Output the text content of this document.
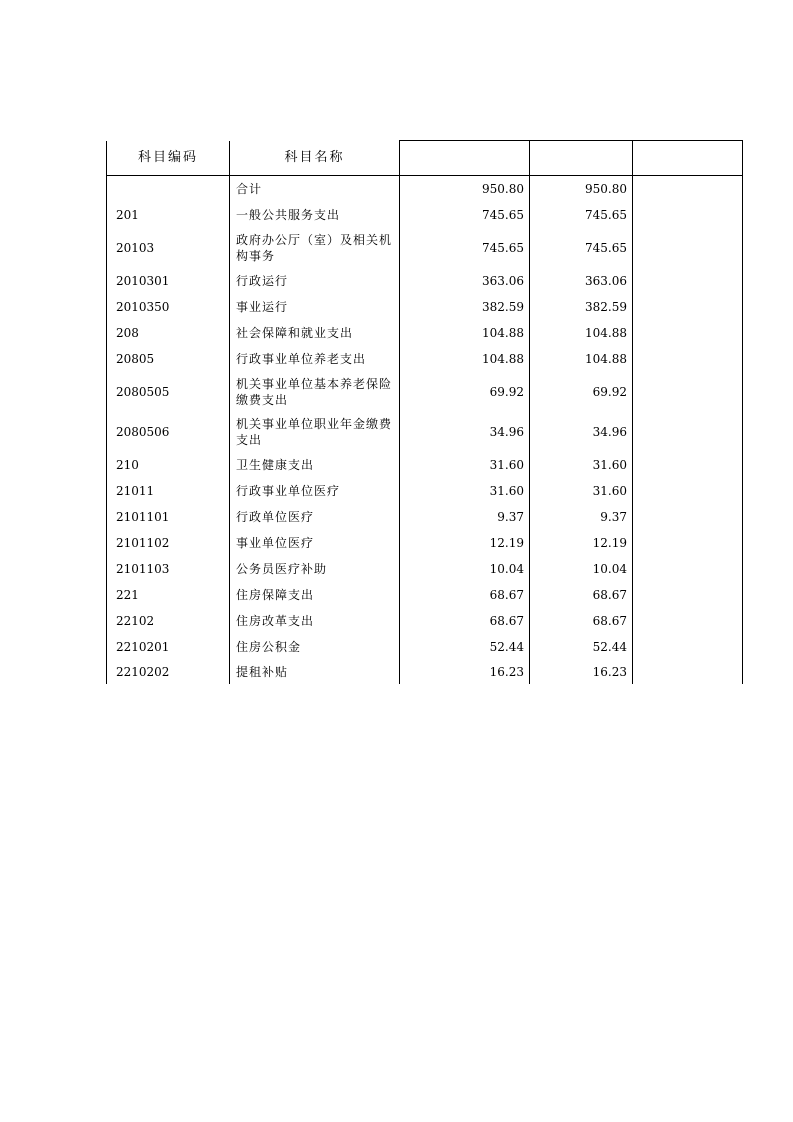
科目编码	科目名称			
	合计	950.80	950.80	
201	一般公共服务支出	745.65	745.65	
20103	政府办公厅（室）及相关机构事务	745.65	745.65	
2010301	行政运行	363.06	363.06	
2010350	事业运行	382.59	382.59	
208	社会保障和就业支出	104.88	104.88	
20805	行政事业单位养老支出	104.88	104.88	
2080505	机关事业单位基本养老保险缴费支出	69.92	69.92	
2080506	机关事业单位职业年金缴费支出	34.96	34.96	
210	卫生健康支出	31.60	31.60	
21011	行政事业单位医疗	31.60	31.60	
2101101	行政单位医疗	9.37	9.37	
2101102	事业单位医疗	12.19	12.19	
2101103	公务员医疗补助	10.04	10.04	
221	住房保障支出	68.67	68.67	
22102	住房改革支出	68.67	68.67	
2210201	住房公积金	52.44	52.44	
2210202	提租补贴	16.23	16.23	
